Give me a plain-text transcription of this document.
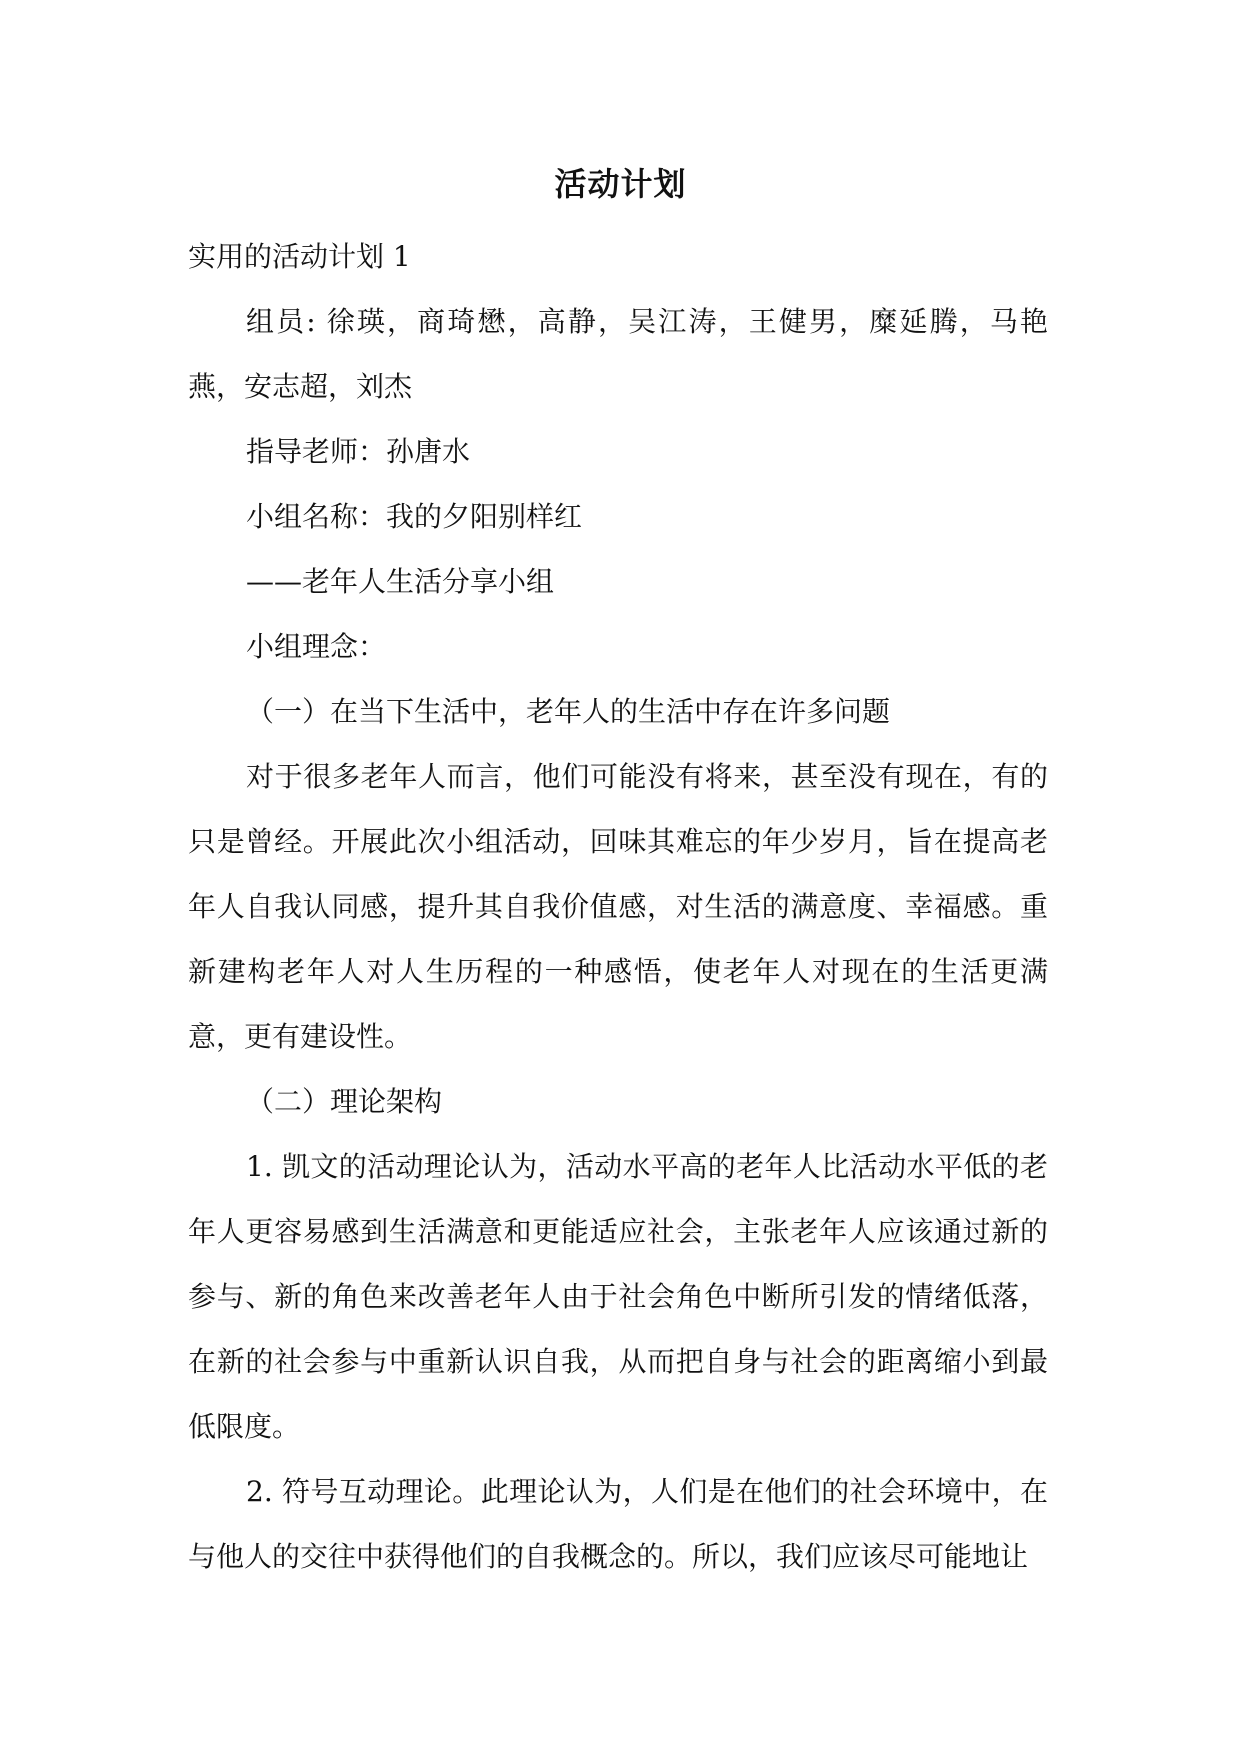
活动计划

实用的活动计划 1

组员: 徐瑛，商琦懋，高静，吴江涛，王健男，糜延腾，马艳燕，安志超，刘杰

指导老师：孙唐水

小组名称：我的夕阳别样红

——老年人生活分享小组

小组理念：

（一）在当下生活中，老年人的生活中存在许多问题

对于很多老年人而言，他们可能没有将来，甚至没有现在，有的只是曾经。开展此次小组活动，回味其难忘的年少岁月，旨在提高老年人自我认同感，提升其自我价值感，对生活的满意度、幸福感。重新建构老年人对人生历程的一种感悟，使老年人对现在的生活更满意，更有建设性。

（二）理论架构

1. 凯文的活动理论认为，活动水平高的老年人比活动水平低的老年人更容易感到生活满意和更能适应社会，主张老年人应该通过新的参与、新的角色来改善老年人由于社会角色中断所引发的情绪低落，在新的社会参与中重新认识自我，从而把自身与社会的距离缩小到最低限度。

2. 符号互动理论。此理论认为，人们是在他们的社会环境中，在与他人的交往中获得他们的自我概念的。所以，我们应该尽可能地让
